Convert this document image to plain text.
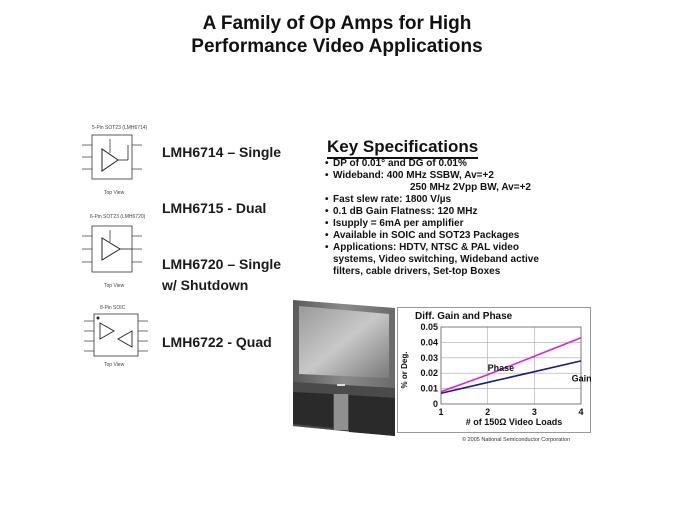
A Family of Op Amps for High
Performance Video Applications
5-Pin SOT23 (LMH6714)
Top View
LMH6714 – Single
6-Pin SOT23 (LMH6720)
Top View
LMH6715 - Dual
LMH6720 – Single
w/ Shutdown
8-Pin SOIC
Top View
LMH6722 - Quad
Key Specifications
• DP of 0.01° and DG of 0.01%
• Wideband: 400 MHz SSBW, Av=+2
250 MHz 2Vpp BW, Av=+2
• Fast slew rate: 1800 V/µs
• 0.1 dB Gain Flatness: 120 MHz
• Isupply = 6mA per amplifier
• Available in SOIC and SOT23 Packages
• Applications: HDTV, NTSC & PAL video
systems, Video switching, Wideband active
filters, cable drivers, Set-top Boxes
Diff. Gain and Phase
% or Deg.
# of 150Ω Video Loads
0
0.01
0.02
0.03
0.04
0.05
1	2	3	4
Phase
Gain
© 2005 National Semiconductor Corporation
